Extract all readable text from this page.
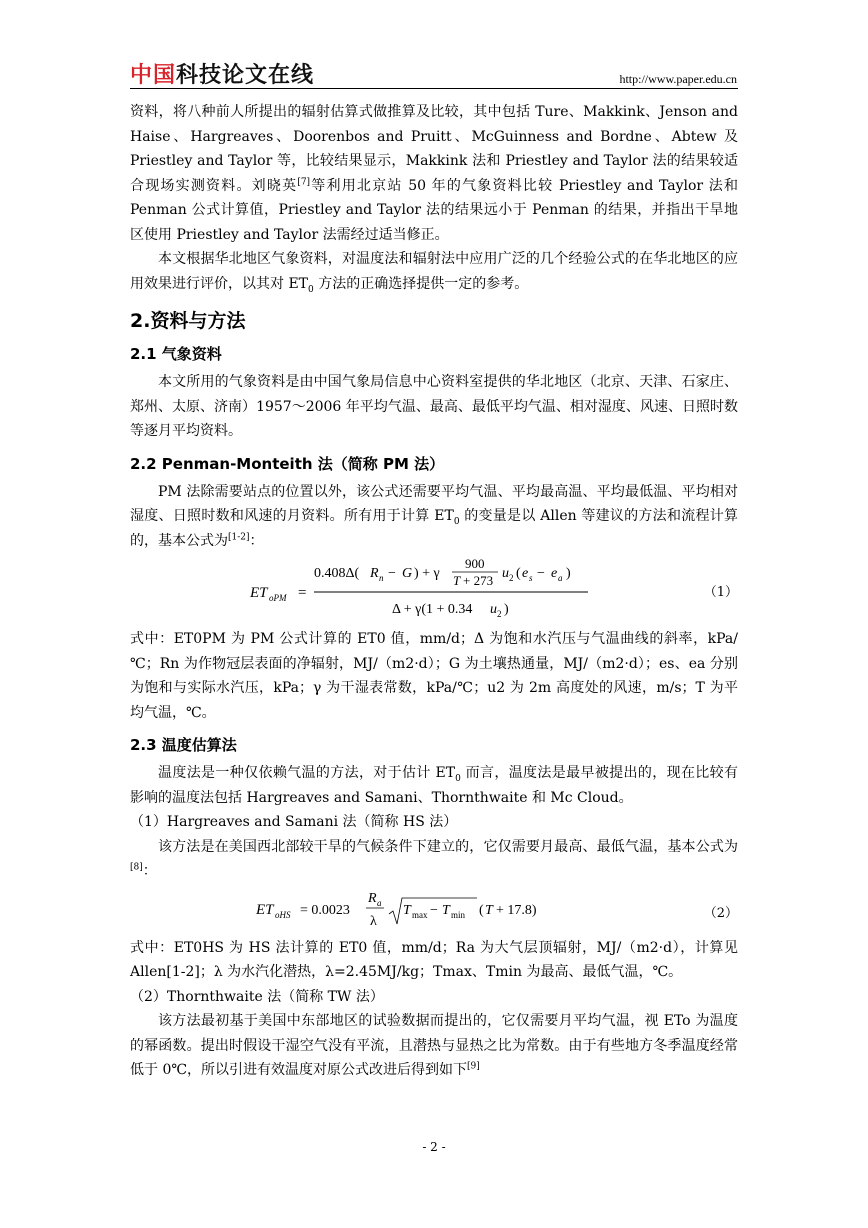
中国科技论文在线	http://www.paper.edu.cn

资料，将八种前人所提出的辐射估算式做推算及比较，其中包括 Ture、Makkink、Jenson and Haise、Hargreaves、Doorenbos and Pruitt、McGuinness and Bordne、Abtew 及 Priestley and Taylor 等，比较结果显示，Makkink 法和 Priestley and Taylor 法的结果较适合现场实测资料。刘晓英[7]等利用北京站 50 年的气象资料比较 Priestley and Taylor 法和 Penman 公式计算值，Priestley and Taylor 法的结果远小于 Penman 的结果，并指出干旱地区使用 Priestley and Taylor 法需经过适当修正。

本文根据华北地区气象资料，对温度法和辐射法中应用广泛的几个经验公式的在华北地区的应用效果进行评价，以其对 $ET_0$ 方法的正确选择提供一定的参考。

2.资料与方法
2.1 气象资料

本文所用的气象资料是由中国气象局信息中心资料室提供的华北地区（北京、天津、石家庄、郑州、太原、济南）1957～2006 年平均气温、最高、最低平均气温、相对湿度、风速、日照时数等逐月平均资料。

2.2 Penman-Monteith 法（简称 PM 法）

PM 法除需要站点的位置以外，该公式还需要平均气温、平均最高温、平均最低温、平均相对湿度、日照时数和风速的月资料。所有用于计算 $ET_0$ 的变量是以 Allen 等建议的方法和流程计算的，基本公式为[1-2]：

ET oPM =
0.408Δ( R n − G ) + γ
900
T + 273 u 2 ( e s − e a )
Δ + γ(1 + 0.34 u 2 )
（1）

式中：ET0PM 为 PM 公式计算的 ET0 值，mm/d；Δ 为饱和水汽压与气温曲线的斜率，kPa/℃；Rn 为作物冠层表面的净辐射，MJ/（m2·d）；G 为土壤热通量，MJ/（m2·d）；es、ea 分别为饱和与实际水汽压，kPa；γ 为干湿表常数，kPa/℃；u2 为 2m 高度处的风速，m/s；T 为平均气温，℃。

2.3 温度估算法

温度法是一种仅依赖气温的方法，对于估计 $ET_0$ 而言，温度法是最早被提出的，现在比较有影响的温度法包括 Hargreaves and Samani、Thornthwaite 和 Mc Cloud。

（1）Hargreaves and Samani 法（简称 HS 法）

该方法是在美国西北部较干旱的气候条件下建立的，它仅需要月最高、最低气温，基本公式为[8]：

ET oHS = 0.0023
R a
λ
T max − T min ( T + 17.8)	（2）

式中：ET0HS 为 HS 法计算的 ET0 值，mm/d；Ra 为大气层顶辐射，MJ/（m2·d），计算见 Allen[1-2]；λ 为水汽化潜热，λ=2.45MJ/kg；Tmax、Tmin 为最高、最低气温，℃。

（2）Thornthwaite 法（简称 TW 法）

该方法最初基于美国中东部地区的试验数据而提出的，它仅需要月平均气温，视 ETo 为温度的幂函数。提出时假设干湿空气没有平流，且潜热与显热之比为常数。由于有些地方冬季温度经常低于 0℃，所以引进有效温度对原公式改进后得到如下[9]

- 2 -
